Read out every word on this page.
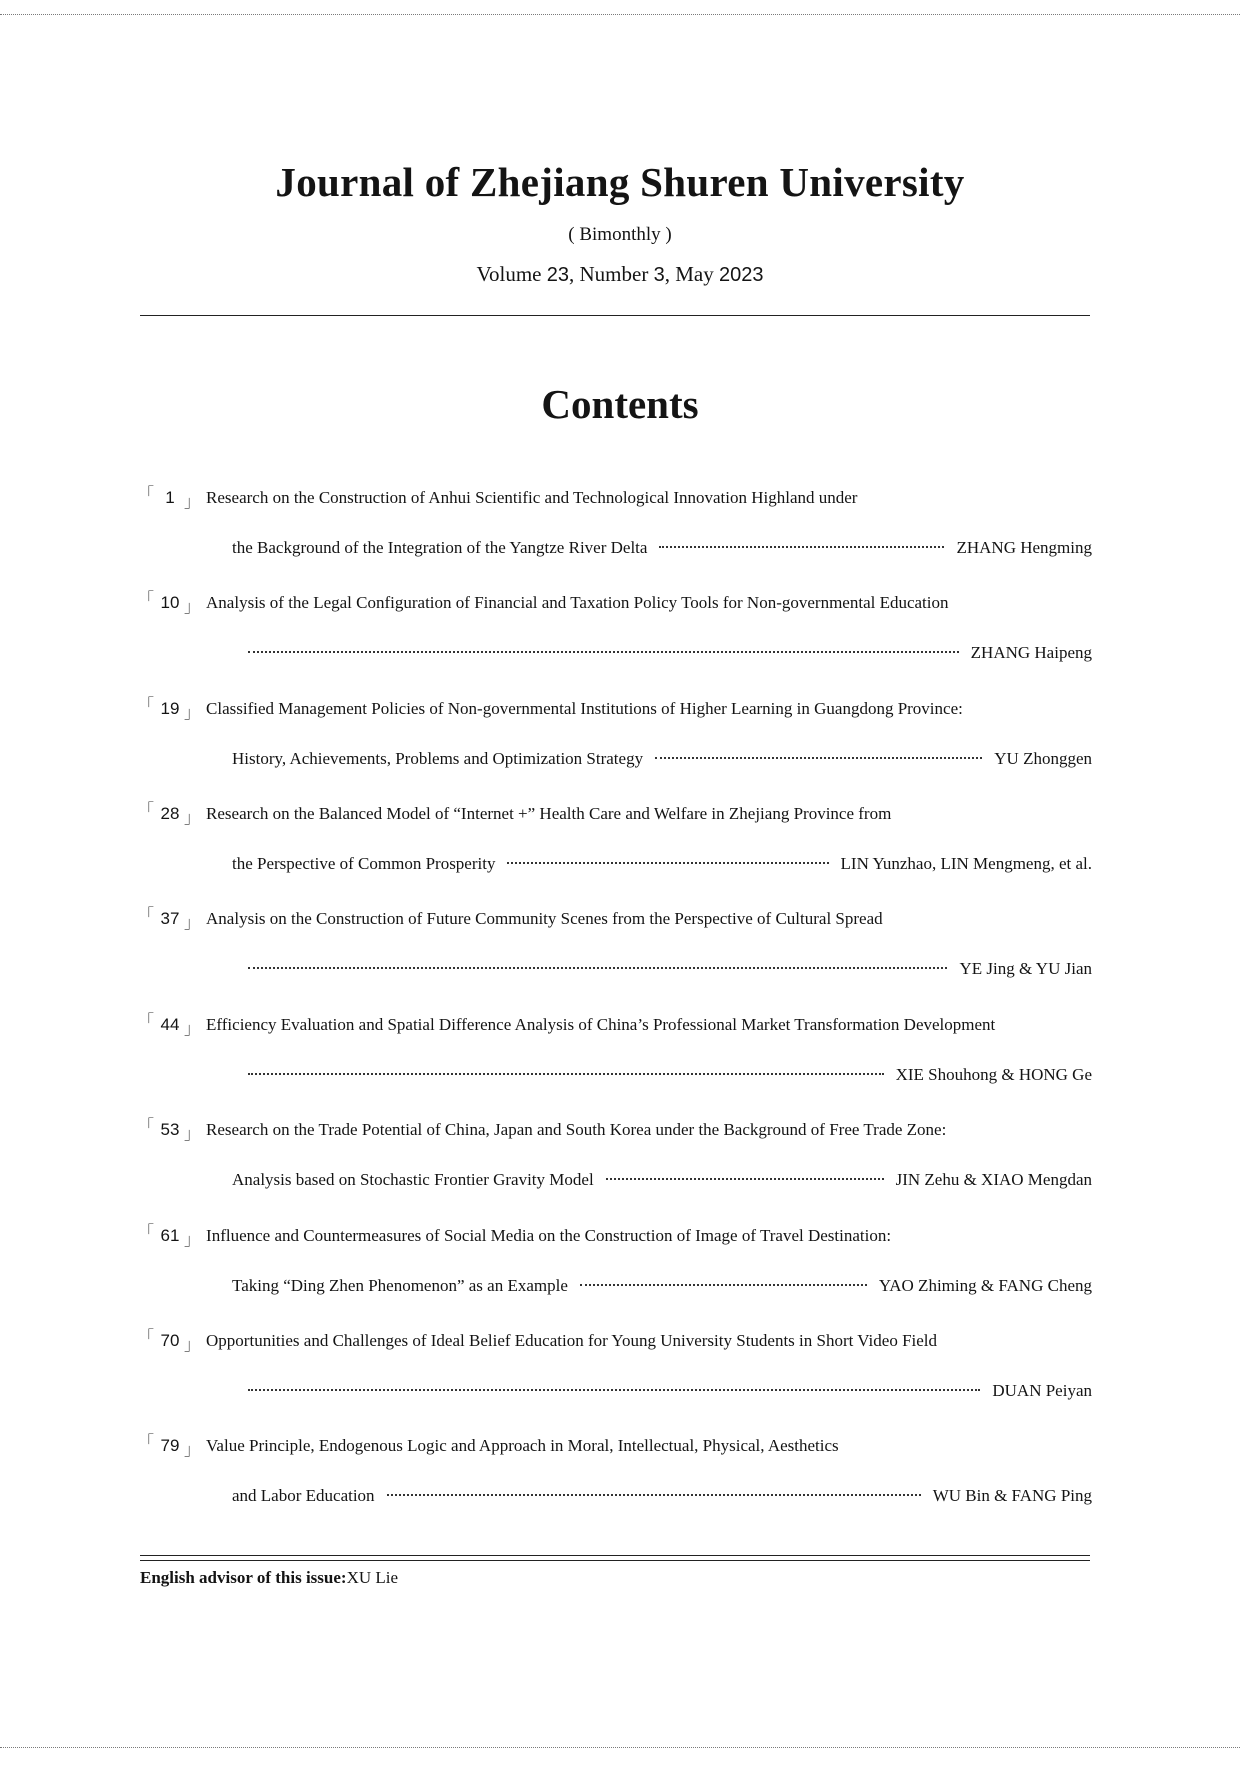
Journal of Zhejiang Shuren University
( Bimonthly )
Volume 23, Number 3, May 2023
Contents
「 1 」 Research on the Construction of Anhui Scientific and Technological Innovation Highland under
the Background of the Integration of the Yangtze River Delta	ZHANG Hengming
「 10 」 Analysis of the Legal Configuration of Financial and Taxation Policy Tools for Non-governmental Education
ZHANG Haipeng
「 19 」 Classified Management Policies of Non-governmental Institutions of Higher Learning in Guangdong Province:
History, Achievements, Problems and Optimization Strategy	YU Zhonggen
「 28 」 Research on the Balanced Model of “Internet +” Health Care and Welfare in Zhejiang Province from
the Perspective of Common Prosperity	LIN Yunzhao, LIN Mengmeng, et al.
「 37 」 Analysis on the Construction of Future Community Scenes from the Perspective of Cultural Spread
YE Jing & YU Jian
「 44 」 Efficiency Evaluation and Spatial Difference Analysis of China’s Professional Market Transformation Development
XIE Shouhong & HONG Ge
「 53 」 Research on the Trade Potential of China, Japan and South Korea under the Background of Free Trade Zone:
Analysis based on Stochastic Frontier Gravity Model	JIN Zehu & XIAO Mengdan
「 61 」 Influence and Countermeasures of Social Media on the Construction of Image of Travel Destination:
Taking “Ding Zhen Phenomenon” as an Example	YAO Zhiming & FANG Cheng
「 70 」 Opportunities and Challenges of Ideal Belief Education for Young University Students in Short Video Field
DUAN Peiyan
「 79 」 Value Principle, Endogenous Logic and Approach in Moral, Intellectual, Physical, Aesthetics
and Labor Education	WU Bin & FANG Ping
English advisor of this issue:XU Lie
